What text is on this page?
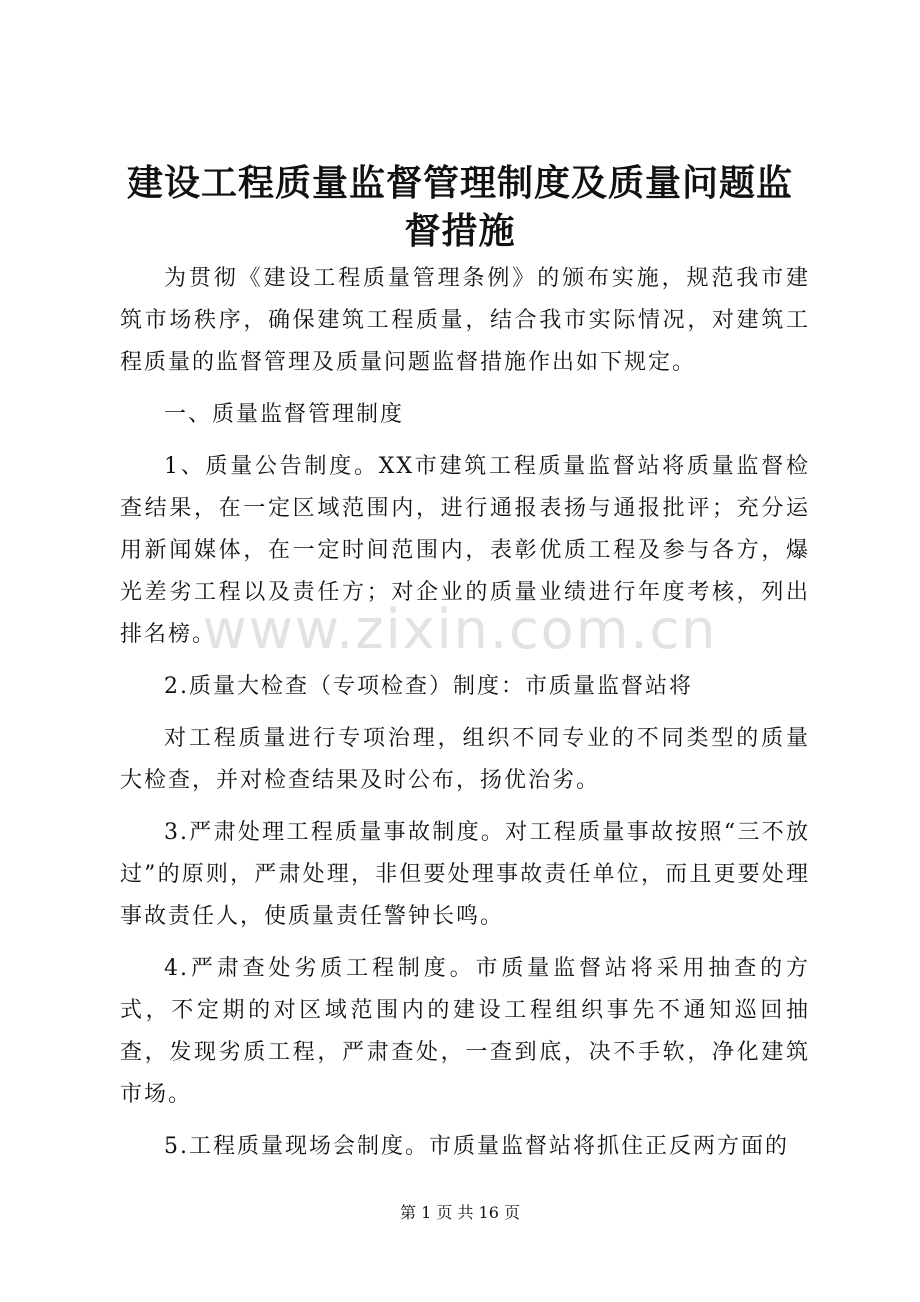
建设工程质量监督管理制度及质量问题监督措施

为贯彻《建设工程质量管理条例》的颁布实施，规范我市建筑市场秩序，确保建筑工程质量，结合我市实际情况，对建筑工程质量的监督管理及质量问题监督措施作出如下规定。

一、质量监督管理制度

1、质量公告制度。XX市建筑工程质量监督站将质量监督检查结果，在一定区域范围内，进行通报表扬与通报批评；充分运用新闻媒体，在一定时间范围内，表彰优质工程及参与各方，爆光差劣工程以及责任方；对企业的质量业绩进行年度考核，列出排名榜。

2.质量大检查（专项检查）制度：市质量监督站将

对工程质量进行专项治理，组织不同专业的不同类型的质量大检查，并对检查结果及时公布，扬优治劣。

3.严肃处理工程质量事故制度。对工程质量事故按照“三不放过”的原则，严肃处理，非但要处理事故责任单位，而且更要处理事故责任人，使质量责任警钟长鸣。

4.严肃查处劣质工程制度。市质量监督站将采用抽查的方式，不定期的对区域范围内的建设工程组织事先不通知巡回抽查，发现劣质工程，严肃查处，一查到底，决不手软，净化建筑市场。

5.工程质量现场会制度。市质量监督站将抓住正反两方面的

www.zixin.com.cn
第 1 页 共 16 页
